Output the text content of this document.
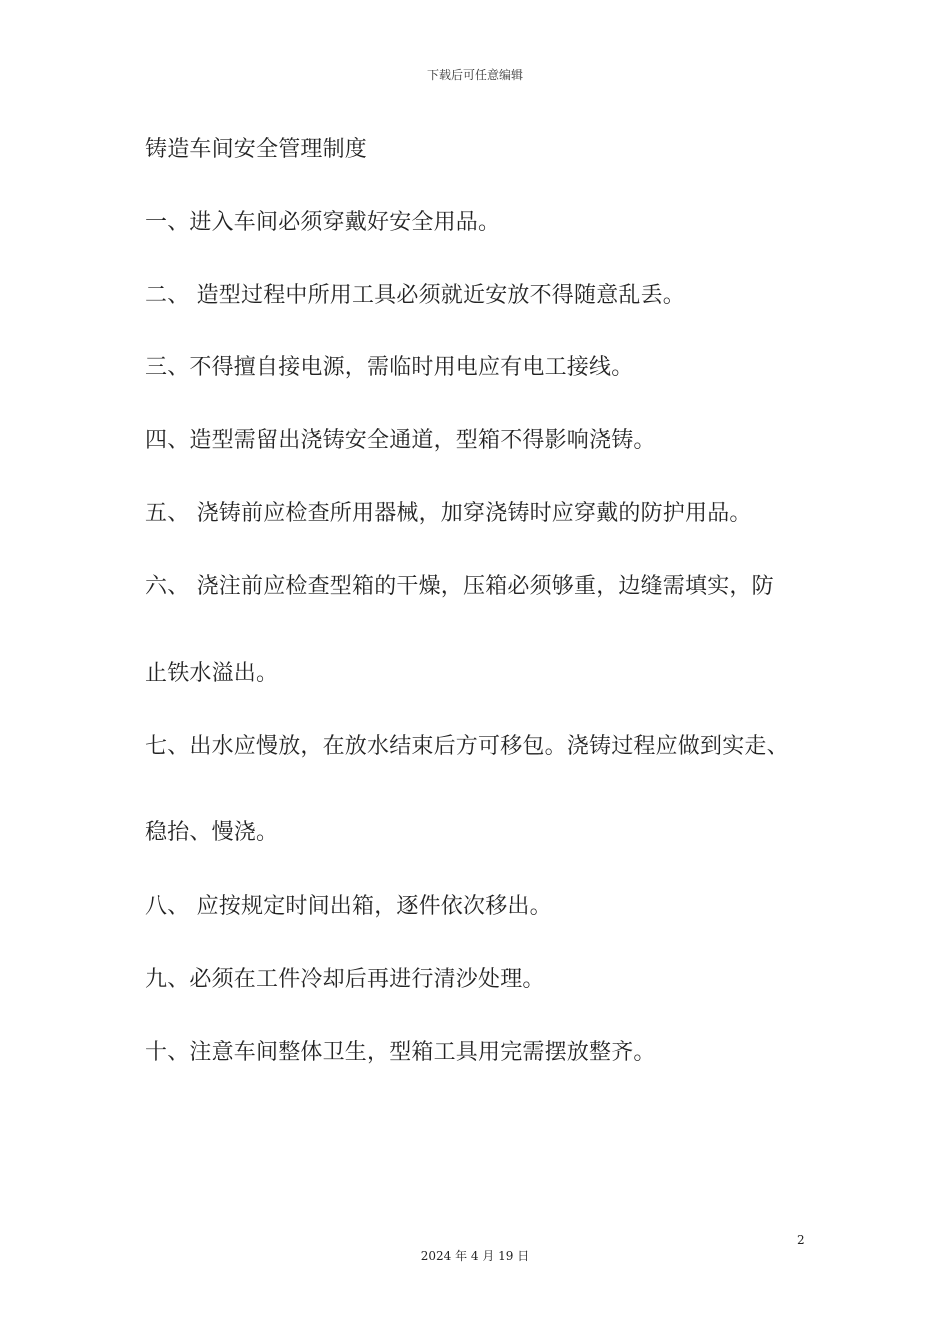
下载后可任意编辑
铸造车间安全管理制度
一、进入车间必须穿戴好安全用品。
二、 造型过程中所用工具必须就近安放不得随意乱丢。
三、不得擅自接电源，需临时用电应有电工接线。
四、造型需留出浇铸安全通道，型箱不得影响浇铸。
五、 浇铸前应检查所用器械，加穿浇铸时应穿戴的防护用品。
六、 浇注前应检查型箱的干燥，压箱必须够重，边缝需填实，防
止铁水溢出。
七、出水应慢放，在放水结束后方可移包。浇铸过程应做到实走、
稳抬、慢浇。
八、 应按规定时间出箱，逐件依次移出。
九、必须在工件冷却后再进行清沙处理。
十、注意车间整体卫生，型箱工具用完需摆放整齐。
2
2024 年 4 月 19 日
